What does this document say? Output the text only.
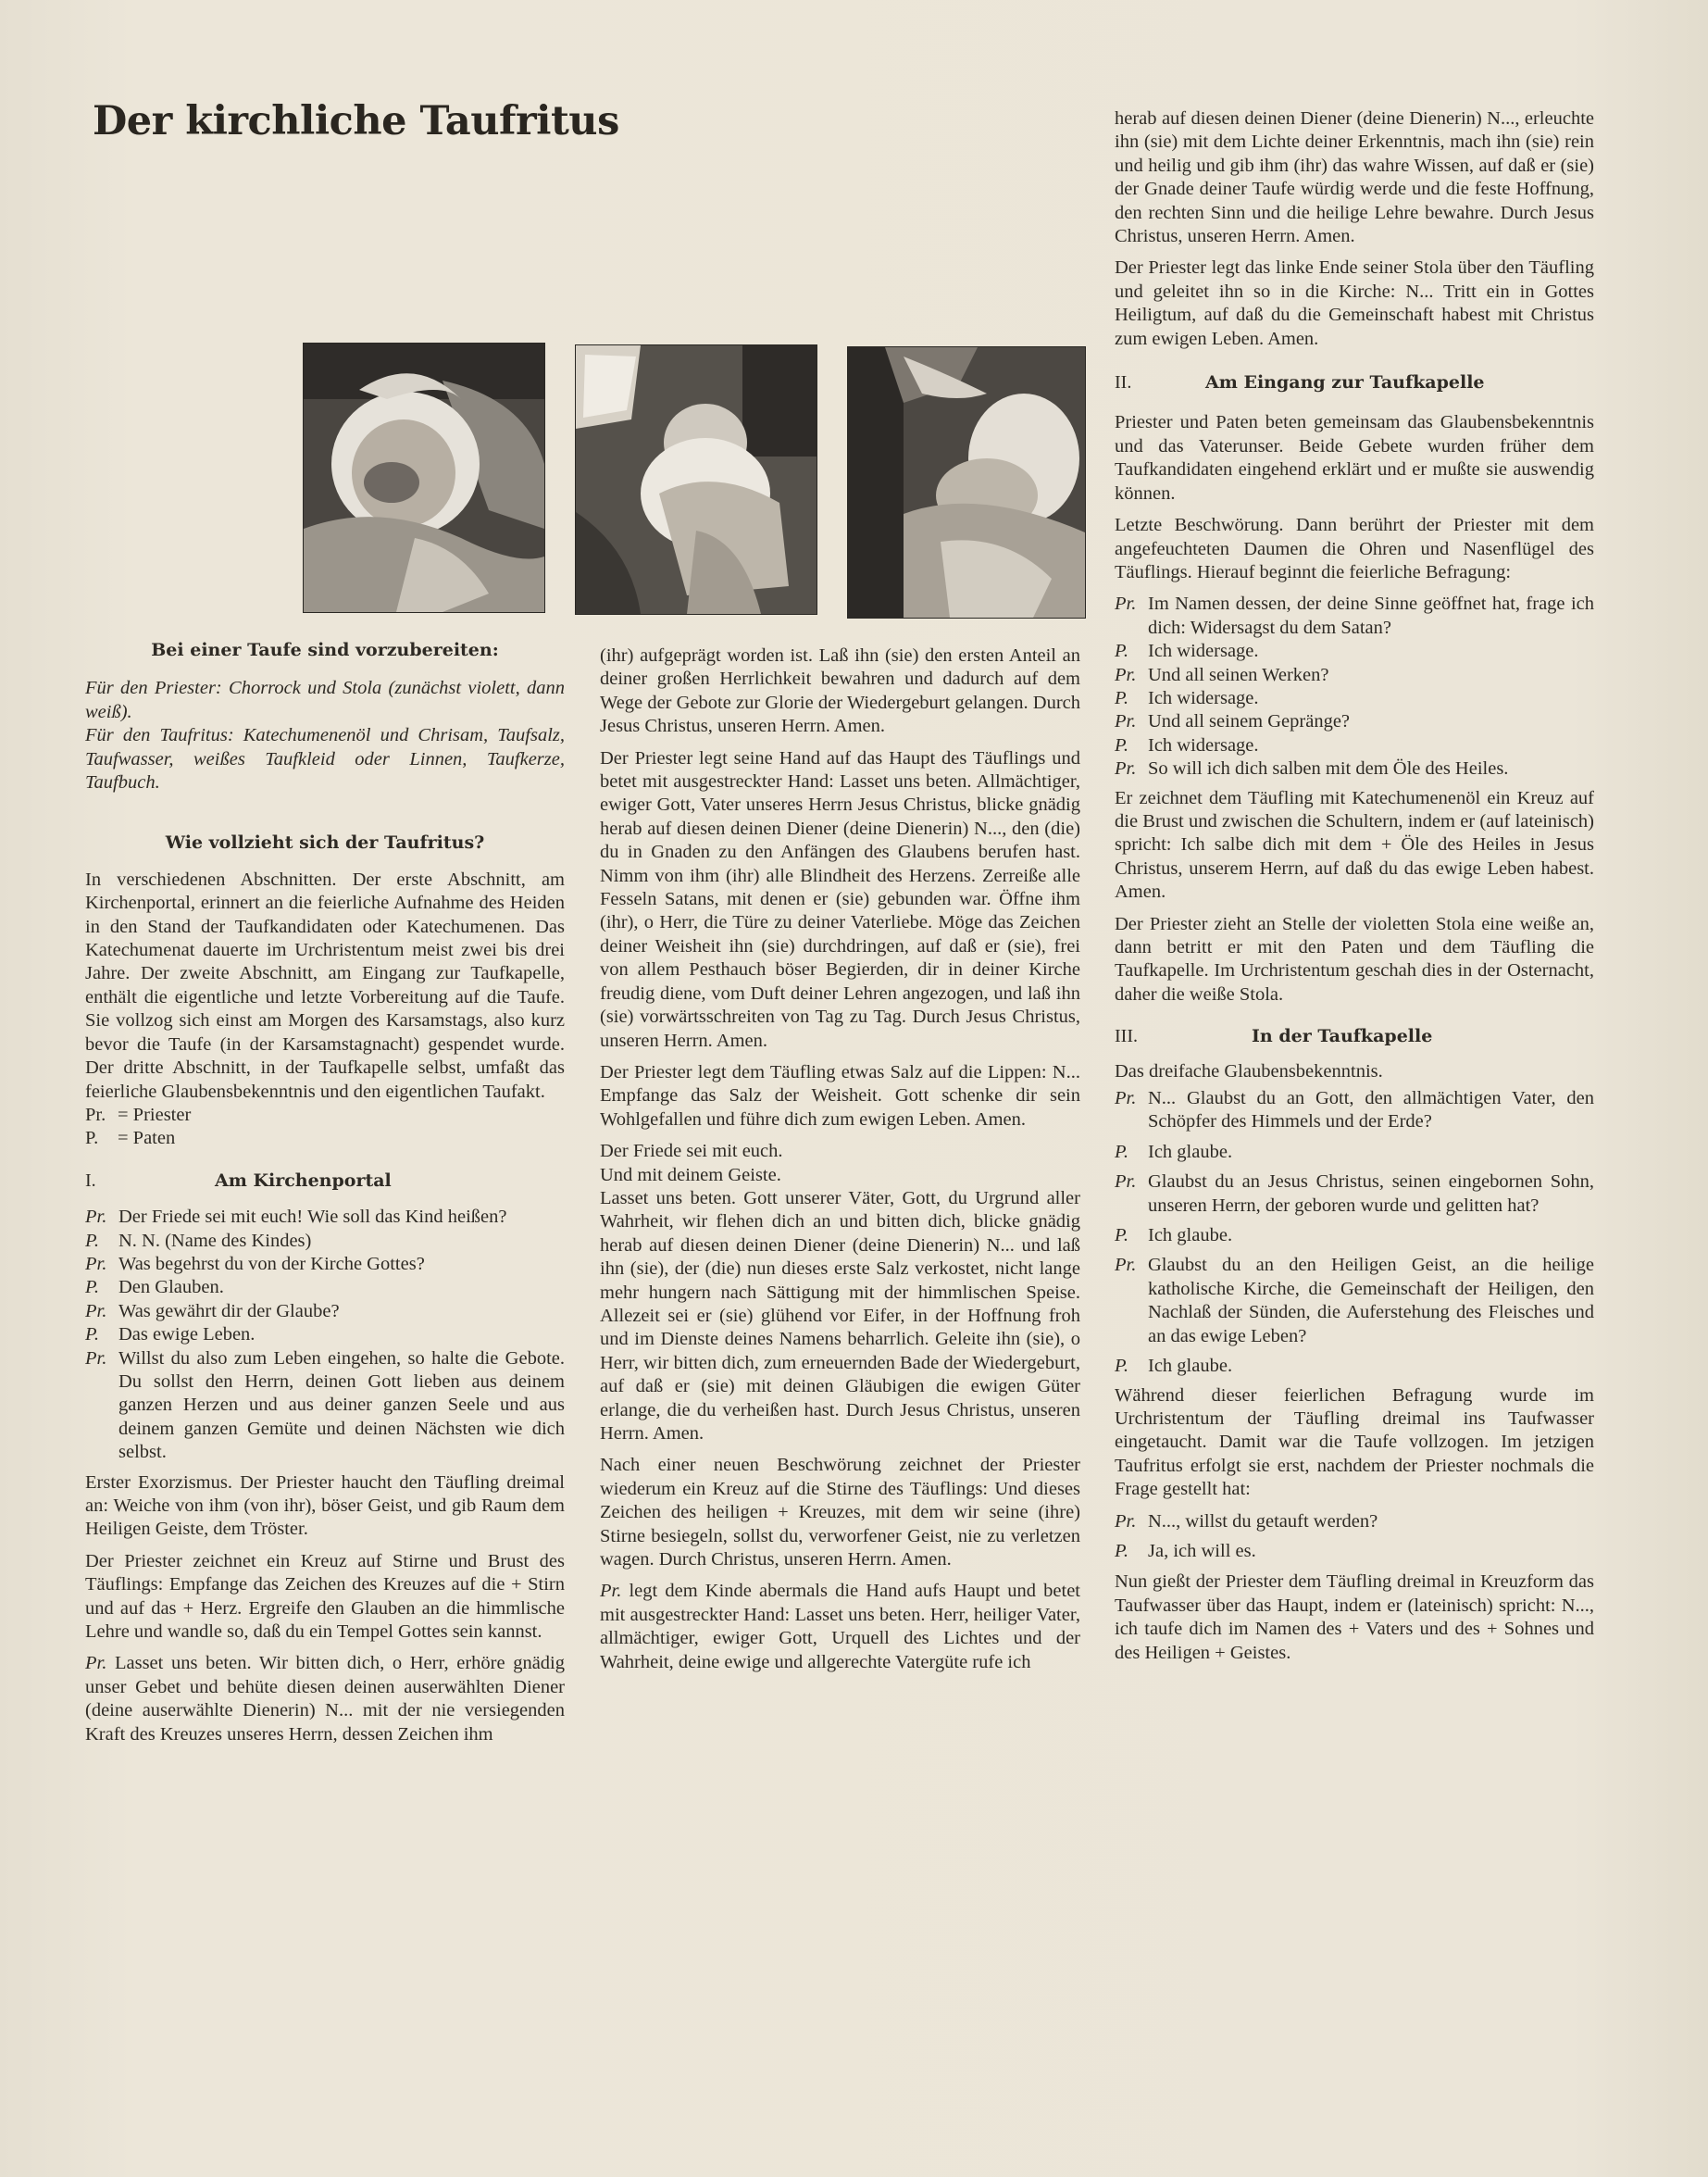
Der kirchliche Taufritus
Bei einer Taufe sind vorzubereiten:

Für den Priester: Chorrock und Stola (zunächst violett, dann weiß).

Für den Taufritus: Katechumenenöl und Chrisam, Taufsalz, Taufwasser, weißes Taufkleid oder Linnen, Taufkerze, Taufbuch.

Wie vollzieht sich der Taufritus?

In verschiedenen Abschnitten. Der erste Abschnitt, am Kirchenportal, erinnert an die feierliche Aufnahme des Heiden in den Stand der Taufkandidaten oder Katechumenen. Das Katechumenat dauerte im Urchristentum meist zwei bis drei Jahre. Der zweite Abschnitt, am Eingang zur Taufkapelle, enthält die eigentliche und letzte Vorbereitung auf die Taufe. Sie vollzog sich einst am Morgen des Karsamstags, also kurz bevor die Taufe (in der Karsamstagnacht) gespendet wurde. Der dritte Abschnitt, in der Taufkapelle selbst, umfaßt das feierliche Glaubensbekenntnis und den eigentlichen Taufakt.

Pr. = Priester
P.	= Paten
I.	Am Kirchenportal
Pr. Der Friede sei mit euch! Wie soll das Kind heißen?
P.	N. N. (Name des Kindes)
Pr. Was begehrst du von der Kirche Gottes?
P.	Den Glauben.
Pr. Was gewährt dir der Glaube?
P.	Das ewige Leben.
Pr. Willst du also zum Leben eingehen, so halte die Gebote. Du sollst den Herrn, deinen Gott lieben aus deinem ganzen Herzen und aus deiner ganzen Seele und aus deinem ganzen Gemüte und deinen Nächsten wie dich selbst.

Erster Exorzismus. Der Priester haucht den Täufling dreimal an: Weiche von ihm (von ihr), böser Geist, und gib Raum dem Heiligen Geiste, dem Tröster.

Der Priester zeichnet ein Kreuz auf Stirne und Brust des Täuflings: Empfange das Zeichen des Kreuzes auf die + Stirn und auf das + Herz. Ergreife den Glauben an die himmlische Lehre und wandle so, daß du ein Tempel Gottes sein kannst.

Pr. Lasset uns beten. Wir bitten dich, o Herr, erhöre gnädig unser Gebet und behüte diesen deinen auserwählten Diener (deine auserwählte Dienerin) N... mit der nie versiegenden Kraft des Kreuzes unseres Herrn, dessen Zeichen ihm

(ihr) aufgeprägt worden ist. Laß ihn (sie) den ersten Anteil an deiner großen Herrlichkeit bewahren und dadurch auf dem Wege der Gebote zur Glorie der Wiedergeburt gelangen. Durch Jesus Christus, unseren Herrn. Amen.

Der Priester legt seine Hand auf das Haupt des Täuflings und betet mit ausgestreckter Hand: Lasset uns beten. Allmächtiger, ewiger Gott, Vater unseres Herrn Jesus Christus, blicke gnädig herab auf diesen deinen Diener (deine Dienerin) N..., den (die) du in Gnaden zu den Anfängen des Glaubens berufen hast. Nimm von ihm (ihr) alle Blindheit des Herzens. Zerreiße alle Fesseln Satans, mit denen er (sie) gebunden war. Öffne ihm (ihr), o Herr, die Türe zu deiner Vaterliebe. Möge das Zeichen deiner Weisheit ihn (sie) durchdringen, auf daß er (sie), frei von allem Pesthauch böser Begierden, dir in deiner Kirche freudig diene, vom Duft deiner Lehren angezogen, und laß ihn (sie) vorwärtsschreiten von Tag zu Tag. Durch Jesus Christus, unseren Herrn. Amen.

Der Priester legt dem Täufling etwas Salz auf die Lippen: N... Empfange das Salz der Weisheit. Gott schenke dir sein Wohlgefallen und führe dich zum ewigen Leben. Amen.

Der Friede sei mit euch.

Und mit deinem Geiste.

Lasset uns beten. Gott unserer Väter, Gott, du Urgrund aller Wahrheit, wir flehen dich an und bitten dich, blicke gnädig herab auf diesen deinen Diener (deine Dienerin) N... und laß ihn (sie), der (die) nun dieses erste Salz verkostet, nicht lange mehr hungern nach Sättigung mit der himmlischen Speise. Allezeit sei er (sie) glühend vor Eifer, in der Hoffnung froh und im Dienste deines Namens beharrlich. Geleite ihn (sie), o Herr, wir bitten dich, zum erneuernden Bade der Wiedergeburt, auf daß er (sie) mit deinen Gläubigen die ewigen Güter erlange, die du verheißen hast. Durch Jesus Christus, unseren Herrn. Amen.

Nach einer neuen Beschwörung zeichnet der Priester wiederum ein Kreuz auf die Stirne des Täuflings: Und dieses Zeichen des heiligen + Kreuzes, mit dem wir seine (ihre) Stirne besiegeln, sollst du, verworfener Geist, nie zu verletzen wagen. Durch Christus, unseren Herrn. Amen.

Pr. legt dem Kinde abermals die Hand aufs Haupt und betet mit ausgestreckter Hand: Lasset uns beten. Herr, heiliger Vater, allmächtiger, ewiger Gott, Urquell des Lichtes und der Wahrheit, deine ewige und allgerechte Vatergüte rufe ich

herab auf diesen deinen Diener (deine Dienerin) N..., erleuchte ihn (sie) mit dem Lichte deiner Erkenntnis, mach ihn (sie) rein und heilig und gib ihm (ihr) das wahre Wissen, auf daß er (sie) der Gnade deiner Taufe würdig werde und die feste Hoffnung, den rechten Sinn und die heilige Lehre bewahre. Durch Jesus Christus, unseren Herrn. Amen.

Der Priester legt das linke Ende seiner Stola über den Täufling und geleitet ihn so in die Kirche: N... Tritt ein in Gottes Heiligtum, auf daß du die Gemeinschaft habest mit Christus zum ewigen Leben. Amen.

II.	Am Eingang zur Taufkapelle

Priester und Paten beten gemeinsam das Glaubensbekenntnis und das Vaterunser. Beide Gebete wurden früher dem Taufkandidaten eingehend erklärt und er mußte sie auswendig können.

Letzte Beschwörung. Dann berührt der Priester mit dem angefeuchteten Daumen die Ohren und Nasenflügel des Täuflings. Hierauf beginnt die feierliche Befragung:

Pr. Im Namen dessen, der deine Sinne geöffnet hat, frage ich dich: Widersagst du dem Satan?
P.	Ich widersage.
Pr. Und all seinen Werken?
P.	Ich widersage.
Pr. Und all seinem Gepränge?
P.	Ich widersage.
Pr. So will ich dich salben mit dem Öle des Heiles.

Er zeichnet dem Täufling mit Katechumenenöl ein Kreuz auf die Brust und zwischen die Schultern, indem er (auf lateinisch) spricht: Ich salbe dich mit dem + Öle des Heiles in Jesus Christus, unserem Herrn, auf daß du das ewige Leben habest. Amen.

Der Priester zieht an Stelle der violetten Stola eine weiße an, dann betritt er mit den Paten und dem Täufling die Taufkapelle. Im Urchristentum geschah dies in der Osternacht, daher die weiße Stola.

III.	In der Taufkapelle

Das dreifache Glaubensbekenntnis.

Pr. N... Glaubst du an Gott, den allmächtigen Vater, den Schöpfer des Himmels und der Erde?
P.	Ich glaube.
Pr. Glaubst du an Jesus Christus, seinen eingebornen Sohn, unseren Herrn, der geboren wurde und gelitten hat?
P.	Ich glaube.
Pr. Glaubst du an den Heiligen Geist, an die heilige katholische Kirche, die Gemeinschaft der Heiligen, den Nachlaß der Sünden, die Auferstehung des Fleisches und an das ewige Leben?
P.	Ich glaube.

Während dieser feierlichen Befragung wurde im Urchristentum der Täufling dreimal ins Taufwasser eingetaucht. Damit war die Taufe vollzogen. Im jetzigen Taufritus erfolgt sie erst, nachdem der Priester nochmals die Frage gestellt hat:

Pr. N..., willst du getauft werden?
P.	Ja, ich will es.

Nun gießt der Priester dem Täufling dreimal in Kreuzform das Taufwasser über das Haupt, indem er (lateinisch) spricht: N..., ich taufe dich im Namen des + Vaters und des + Sohnes und des Heiligen + Geistes.
